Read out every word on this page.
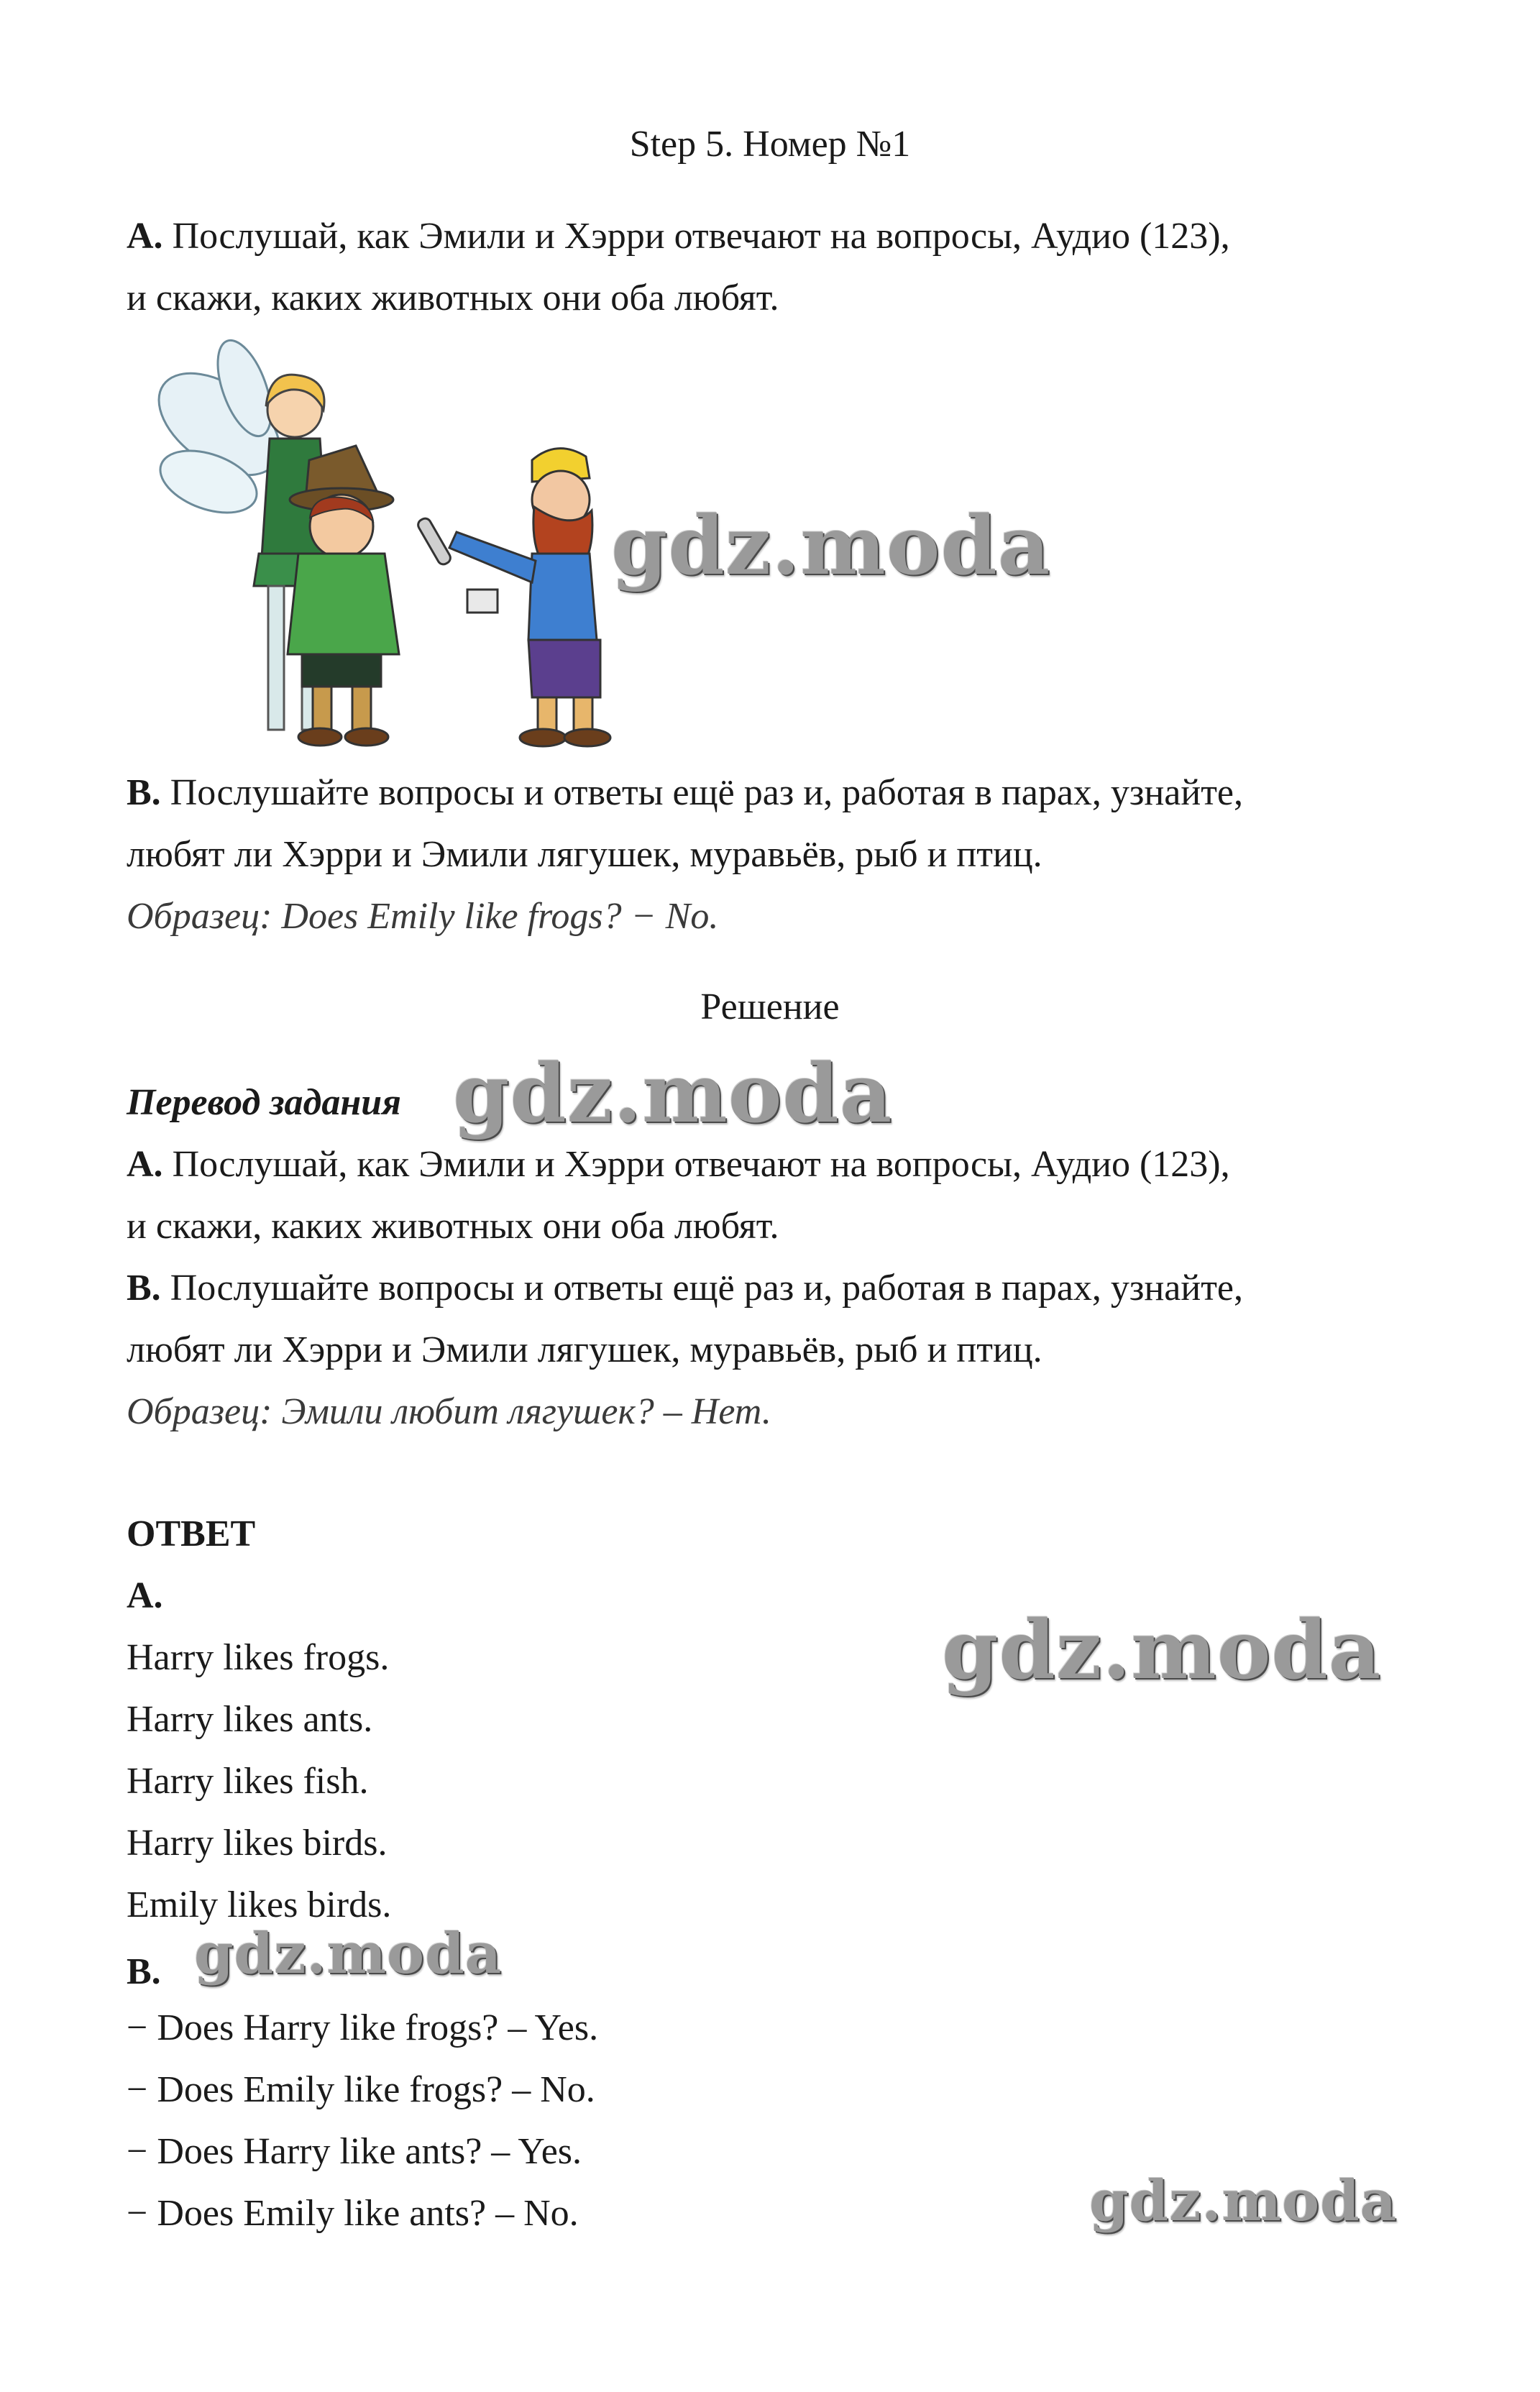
Step 5. Номер №1
A. Послушай, как Эмили и Хэрри отвечают на вопросы, Аудио (123),
и скажи, каких животных они оба любят.
gdz.moda
B. Послушайте вопросы и ответы ещё раз и, работая в парах, узнайте,
любят ли Хэрри и Эмили лягушек, муравьёв, рыб и птиц.
Образец: Does Emily like frogs? − No.
Решение
Перевод задания gdz.moda
A. Послушай, как Эмили и Хэрри отвечают на вопросы, Аудио (123),
и скажи, каких животных они оба любят.
B. Послушайте вопросы и ответы ещё раз и, работая в парах, узнайте,
любят ли Хэрри и Эмили лягушек, муравьёв, рыб и птиц.
Образец: Эмили любит лягушек? – Нет.
ОТВЕТ
A.
Harry likes frogs.
Harry likes ants.
Harry likes fish.
Harry likes birds.
Emily likes birds.
gdz.moda
B. gdz.moda
− Does Harry like frogs? – Yes.
− Does Emily like frogs? – No.
− Does Harry like ants? – Yes.
− Does Emily like ants? – No.	gdz.moda
